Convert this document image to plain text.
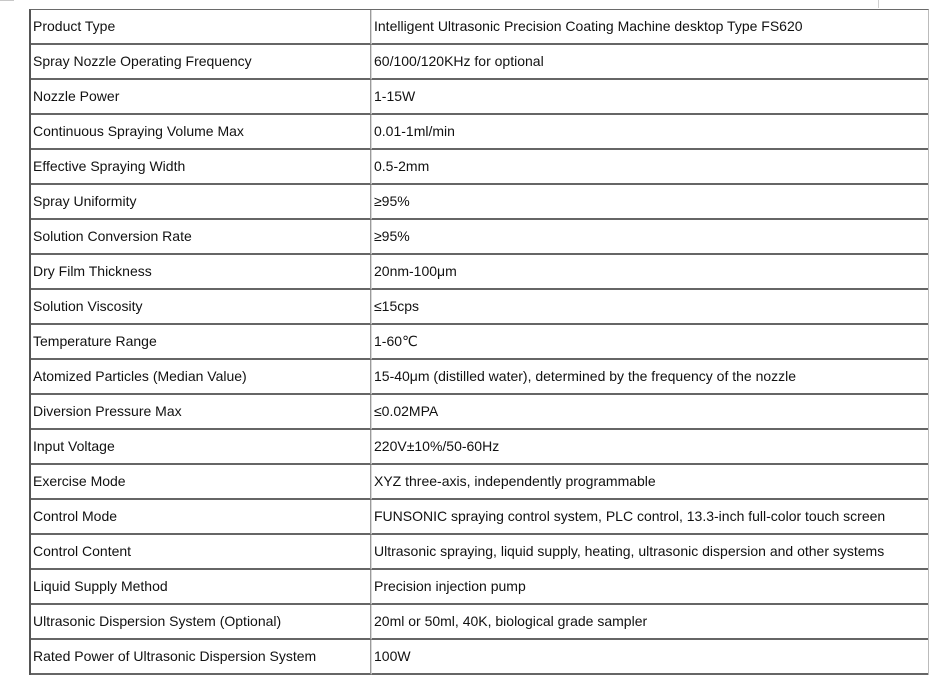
Product Type	Intelligent Ultrasonic Precision Coating Machine desktop Type FS620
Spray Nozzle Operating Frequency	60/100/120KHz for optional
Nozzle Power	1-15W
Continuous Spraying Volume Max	0.01-1ml/min
Effective Spraying Width	0.5-2mm
Spray Uniformity	≥95%
Solution Conversion Rate	≥95%
Dry Film Thickness	20nm-100μm
Solution Viscosity	≤15cps
Temperature Range	1-60℃
Atomized Particles (Median Value)	15-40μm (distilled water), determined by the frequency of the nozzle
Diversion Pressure Max	≤0.02MPA
Input Voltage	220V±10%/50-60Hz
Exercise Mode	XYZ three-axis, independently programmable
Control Mode	FUNSONIC spraying control system, PLC control, 13.3-inch full-color touch screen
Control Content	Ultrasonic spraying, liquid supply, heating, ultrasonic dispersion and other systems
Liquid Supply Method	Precision injection pump
Ultrasonic Dispersion System (Optional)	20ml or 50ml, 40K, biological grade sampler
Rated Power of Ultrasonic Dispersion System	100W
